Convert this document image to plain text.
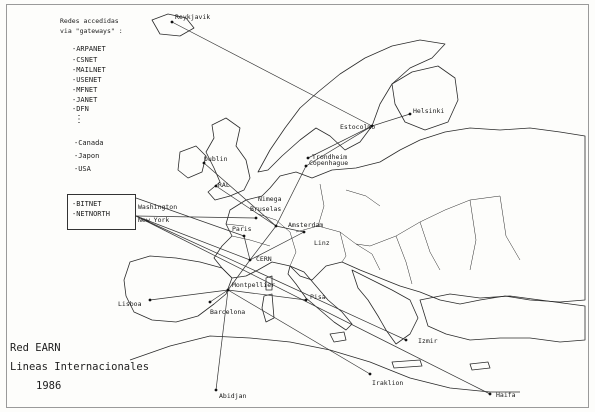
Redes accedidas
via "gateways" :
-ARPANET
-CSNET
-MAILNET
-USENET
-MFNET
-JANET
-DFN
⋮
-Canada
-Japon
-USA
-BITNET
-NETNORTH
Reykjavik
Trondheim
Helsinki
Estocolmo
Copenhague
Dublin
RAL
Nimega
Bruselas
Amsterdam
Washington
New York
Paris
Linz
CERN
Montpellier
Pisa
Lisboa
Barcelona
Izmir
Abidjan
Iraklion
Haifa
Red EARN
Lineas Internacionales
1986
